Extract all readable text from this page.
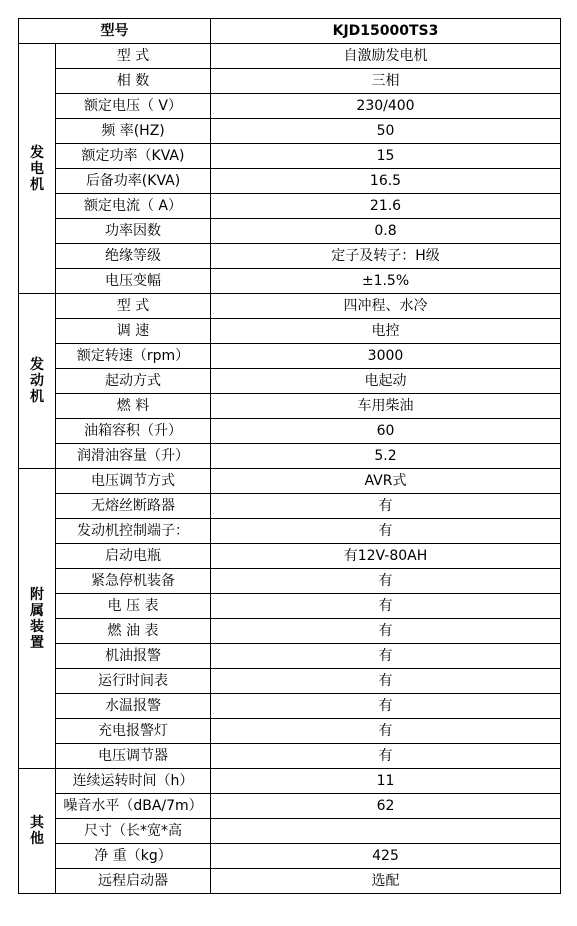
型号		KJD15000TS3
发电机	型 式	自激励发电机
	相 数	三相
	额定电压（ V）	230/400
	频 率(HZ)	50
	额定功率（KVA)	15
	后备功率(KVA)	16.5
	额定电流（ A）	21.6
	功率因数	0.8
	绝缘等级	定子及转子：H级
	电压变幅	±1.5%
发动机	型 式	四冲程、水冷
	调 速	电控
	额定转速（rpm）	3000
	起动方式	电起动
	燃 料	车用柴油
	油箱容积（升）	60
	润滑油容量（升）	5.2
附属装置	电压调节方式	AVR式
	无熔丝断路器	有
	发动机控制端子：	有
	启动电瓶	有12V-80AH
	紧急停机装备	有
	电 压 表	有
	燃 油 表	有
	机油报警	有
	运行时间表	有
	水温报警	有
	充电报警灯	有
	电压调节器	有
其他	连续运转时间（h）	11
	噪音水平（dBA/7m）	62
	尺寸（长*宽*高	
	净 重（kg）	425
	远程启动器	选配
